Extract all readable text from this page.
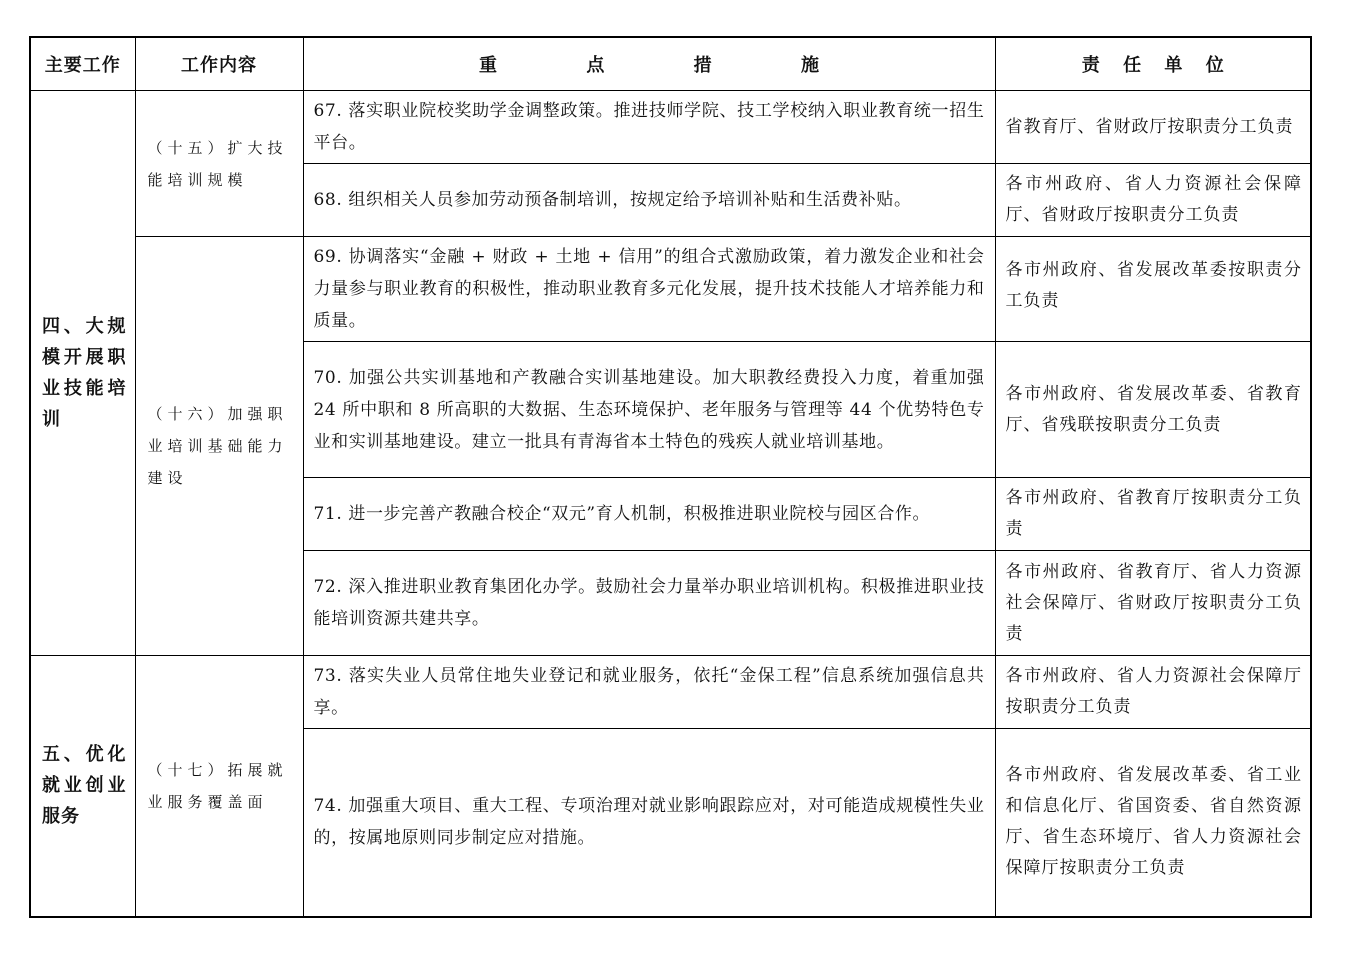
主要工作	工作内容	重 点 措 施	责 任 单 位

四、大规模开展职业技能培训	（十五）扩大技能培训规模	67. 落实职业院校奖助学金调整政策。推进技师学院、技工学校纳入职业教育统一招生平台。	省教育厅、省财政厅按职责分工负责
		68. 组织相关人员参加劳动预备制培训，按规定给予培训补贴和生活费补贴。	各市州政府、省人力资源社会保障厅、省财政厅按职责分工负责
	（十六）加强职业培训基础能力建设	69. 协调落实“金融 + 财政 + 土地 + 信用”的组合式激励政策，着力激发企业和社会力量参与职业教育的积极性，推动职业教育多元化发展，提升技术技能人才培养能力和质量。	各市州政府、省发展改革委按职责分工负责
		70. 加强公共实训基地和产教融合实训基地建设。加大职教经费投入力度，着重加强 24 所中职和 8 所高职的大数据、生态环境保护、老年服务与管理等 44 个优势特色专业和实训基地建设。建立一批具有青海省本土特色的残疾人就业培训基地。	各市州政府、省发展改革委、省教育厅、省残联按职责分工负责
		71. 进一步完善产教融合校企“双元”育人机制，积极推进职业院校与园区合作。	各市州政府、省教育厅按职责分工负责
		72. 深入推进职业教育集团化办学。鼓励社会力量举办职业培训机构。积极推进职业技能培训资源共建共享。	各市州政府、省教育厅、省人力资源社会保障厅、省财政厅按职责分工负责
五、优化就业创业服务	（十七）拓展就业服务覆盖面	73. 落实失业人员常住地失业登记和就业服务，依托“金保工程”信息系统加强信息共享。	各市州政府、省人力资源社会保障厅按职责分工负责
		74. 加强重大项目、重大工程、专项治理对就业影响跟踪应对，对可能造成规模性失业的，按属地原则同步制定应对措施。	各市州政府、省发展改革委、省工业和信息化厅、省国资委、省自然资源厅、省生态环境厅、省人力资源社会保障厅按职责分工负责
